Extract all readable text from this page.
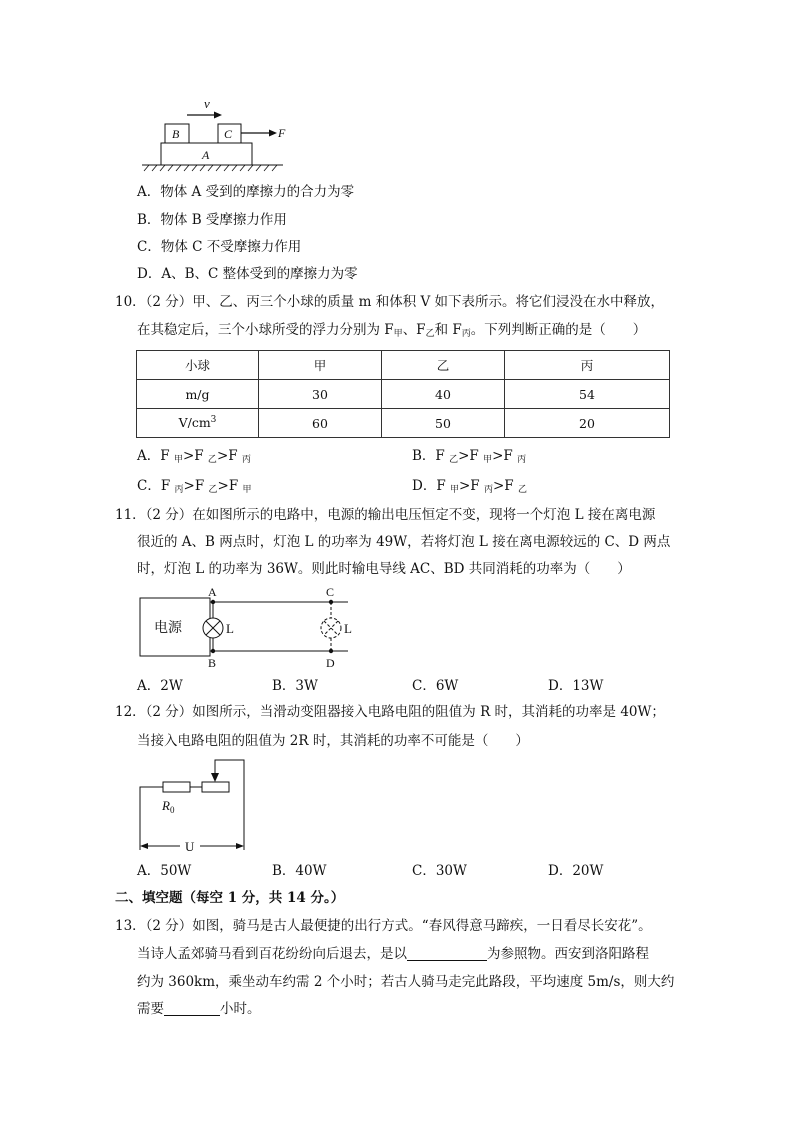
v
B	C
A
F
A．物体 A 受到的摩擦力的合力为零
B．物体 B 受摩擦力作用
C．物体 C 不受摩擦力作用
D．A、B、C 整体受到的摩擦力为零
10．（2 分）甲、乙、丙三个小球的质量 m 和体积 V 如下表所示。将它们浸没在水中释放，
在其稳定后，三个小球所受的浮力分别为 $F_甲$、$F_乙$和 $F_丙$。下列判断正确的是（　　）
小球	甲	乙	丙
m/g	30	40	54
$V/cm^3$	60	50	20
A．F $_甲$>F $_乙$>F $_丙$	B．F $_乙$>F $_甲$>F $_丙$
C．F $_丙$>F $_乙$>F $_甲$	D．F $_甲$>F $_丙$>F $_乙$
11．（2 分）在如图所示的电路中，电源的输出电压恒定不变，现将一个灯泡 L 接在离电源
很近的 A、B 两点时，灯泡 L 的功率为 49W，若将灯泡 L 接在离电源较远的 C、D 两点
时，灯泡 L 的功率为 36W。则此时输电导线 AC、BD 共同消耗的功率为（　　）
电源	L
A
B
L
C
D
A．2W	B．3W	C．6W	D．13W
12．（2 分）如图所示，当滑动变阻器接入电路电阻的阻值为 R 时，其消耗的功率是 40W；
当接入电路电阻的阻值为 2R 时，其消耗的功率不可能是（　　）
$R_0$
U
A．50W	B．40W	C．30W	D．20W
二、填空题（每空 1 分，共 14 分。）
13．（2 分）如图，骑马是古人最便捷的出行方式。“春风得意马蹄疾，一日看尽长安花”。
当诗人孟郊骑马看到百花纷纷向后退去，是以	为参照物。西安到洛阳路程
约为 360km，乘坐动车约需 2 个小时；若古人骑马走完此路段，平均速度 5m/s，则大约
需要	小时。
